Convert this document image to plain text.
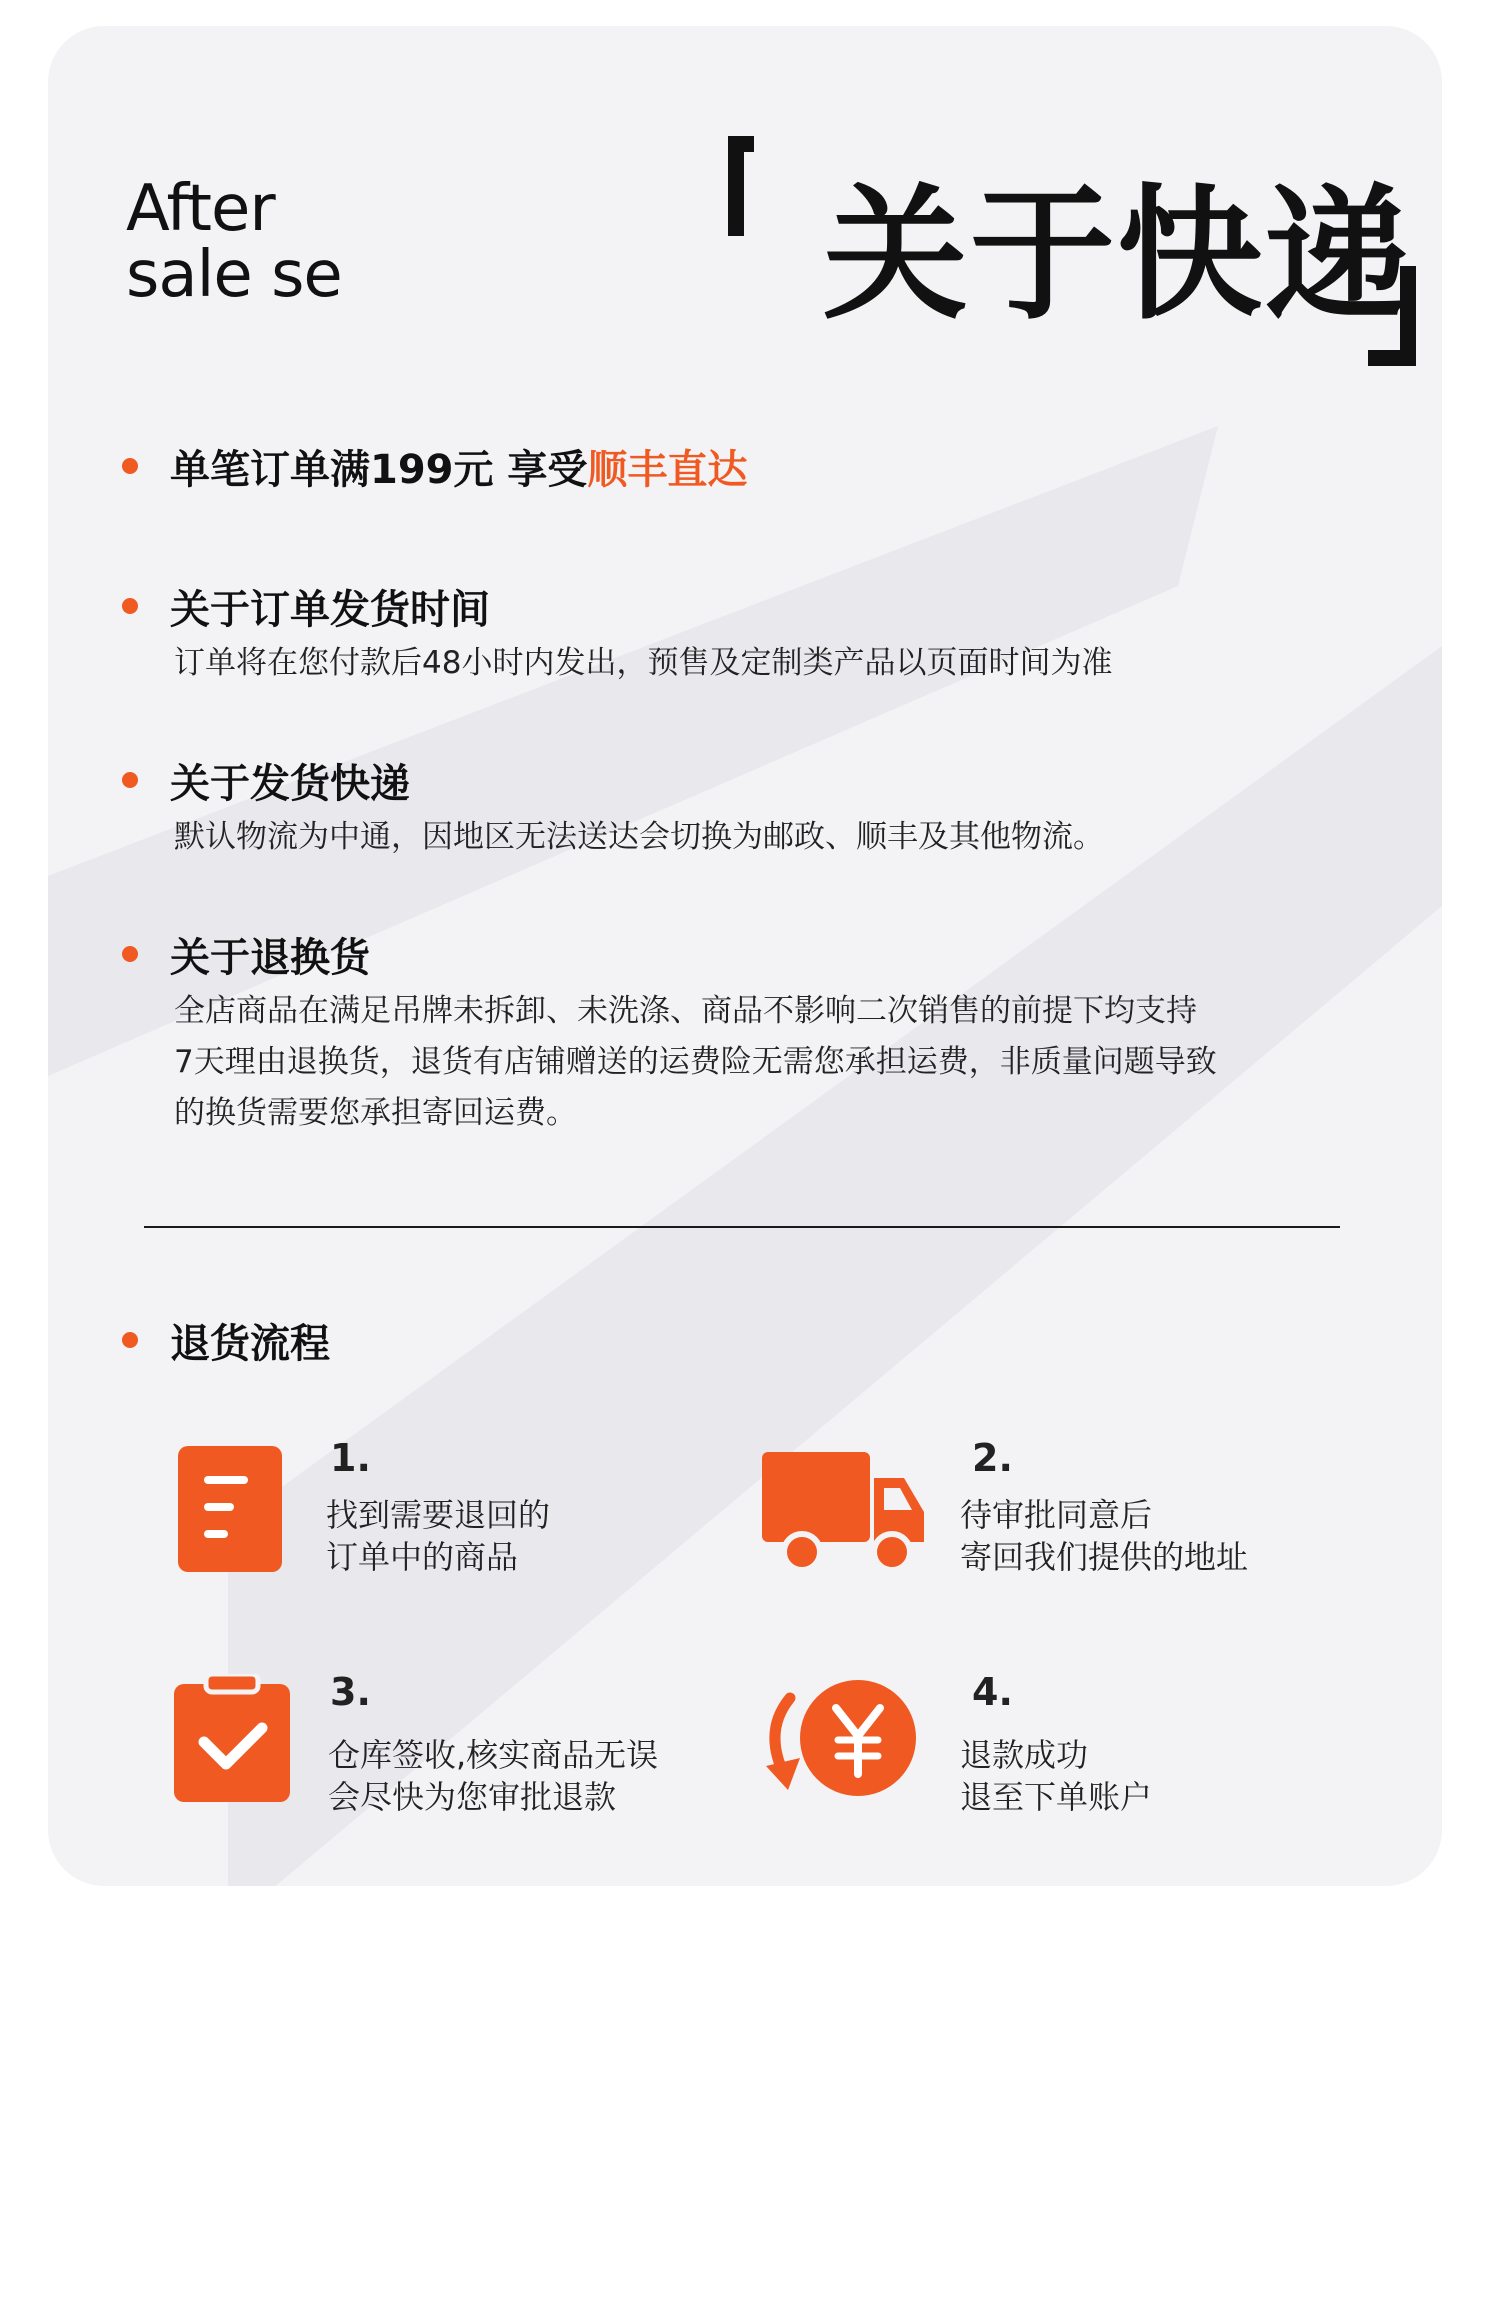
After
sale se	关于快递
单笔订单满199元 享受顺丰直达
关于订单发货时间
订单将在您付款后48小时内发出，预售及定制类产品以页面时间为准
关于发货快递
默认物流为中通，因地区无法送达会切换为邮政、顺丰及其他物流。
关于退换货
全店商品在满足吊牌未拆卸、未洗涤、商品不影响二次销售的前提下均支持
7天理由退换货，退货有店铺赠送的运费险无需您承担运费，非质量问题导致
的换货需要您承担寄回运费。
退货流程
1.
找到需要退回的
订单中的商品
2.
待审批同意后
寄回我们提供的地址
3.
仓库签收,核实商品无误
会尽快为您审批退款
4.
退款成功
退至下单账户
